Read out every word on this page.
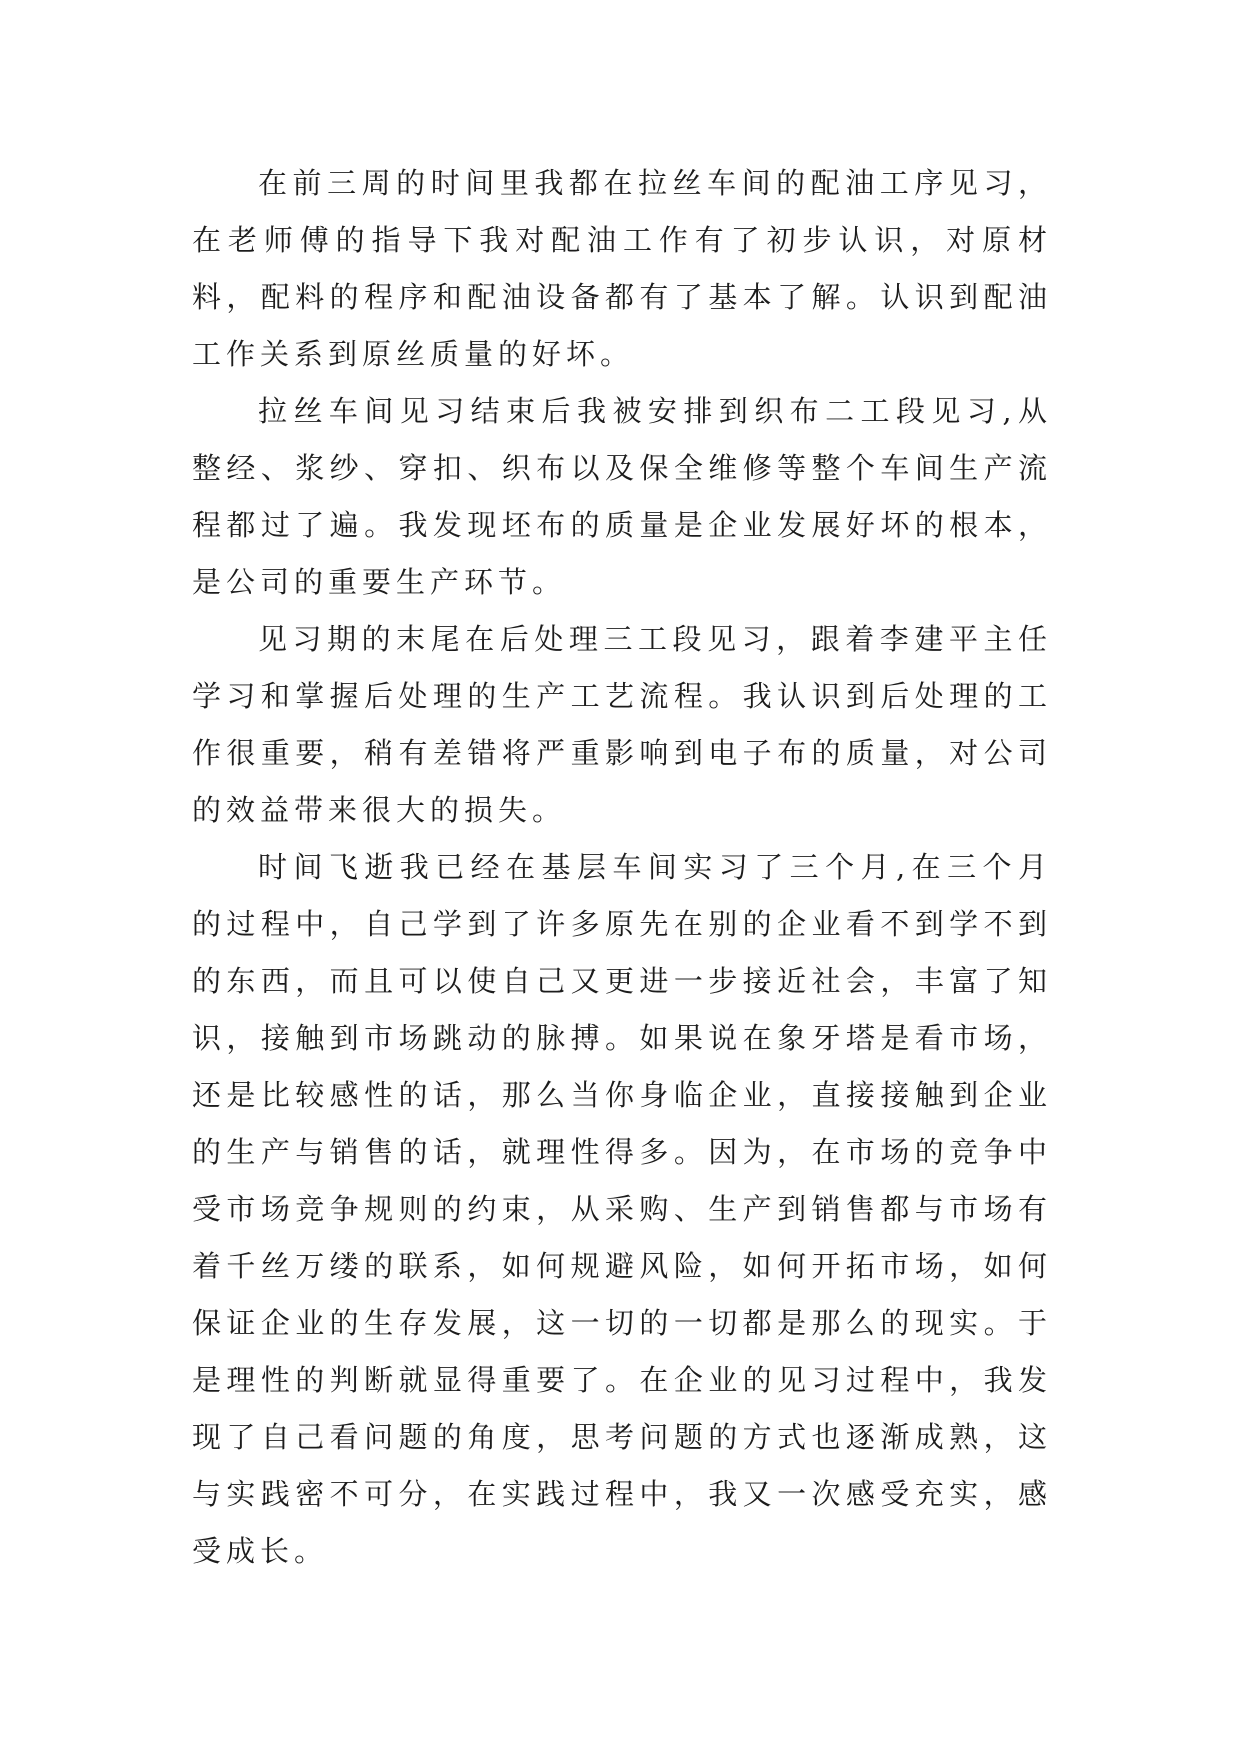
在前三周的时间里我都在拉丝车间的配油工序见习，在老师傅的指导下我对配油工作有了初步认识，对原材料，配料的程序和配油设备都有了基本了解。认识到配油工作关系到原丝质量的好坏。

拉丝车间见习结束后我被安排到织布二工段见习,从整经、浆纱、穿扣、织布以及保全维修等整个车间生产流程都过了遍。我发现坯布的质量是企业发展好坏的根本，是公司的重要生产环节。

见习期的末尾在后处理三工段见习，跟着李建平主任学习和掌握后处理的生产工艺流程。我认识到后处理的工作很重要，稍有差错将严重影响到电子布的质量，对公司的效益带来很大的损失。

时间飞逝我已经在基层车间实习了三个月,在三个月的过程中，自己学到了许多原先在别的企业看不到学不到的东西，而且可以使自己又更进一步接近社会，丰富了知识，接触到市场跳动的脉搏。如果说在象牙塔是看市场，还是比较感性的话，那么当你身临企业，直接接触到企业的生产与销售的话，就理性得多。因为，在市场的竞争中受市场竞争规则的约束，从采购、生产到销售都与市场有着千丝万缕的联系，如何规避风险，如何开拓市场，如何保证企业的生存发展，这一切的一切都是那么的现实。于是理性的判断就显得重要了。在企业的见习过程中，我发现了自己看问题的角度，思考问题的方式也逐渐成熟，这与实践密不可分，在实践过程中，我又一次感受充实，感受成长。
